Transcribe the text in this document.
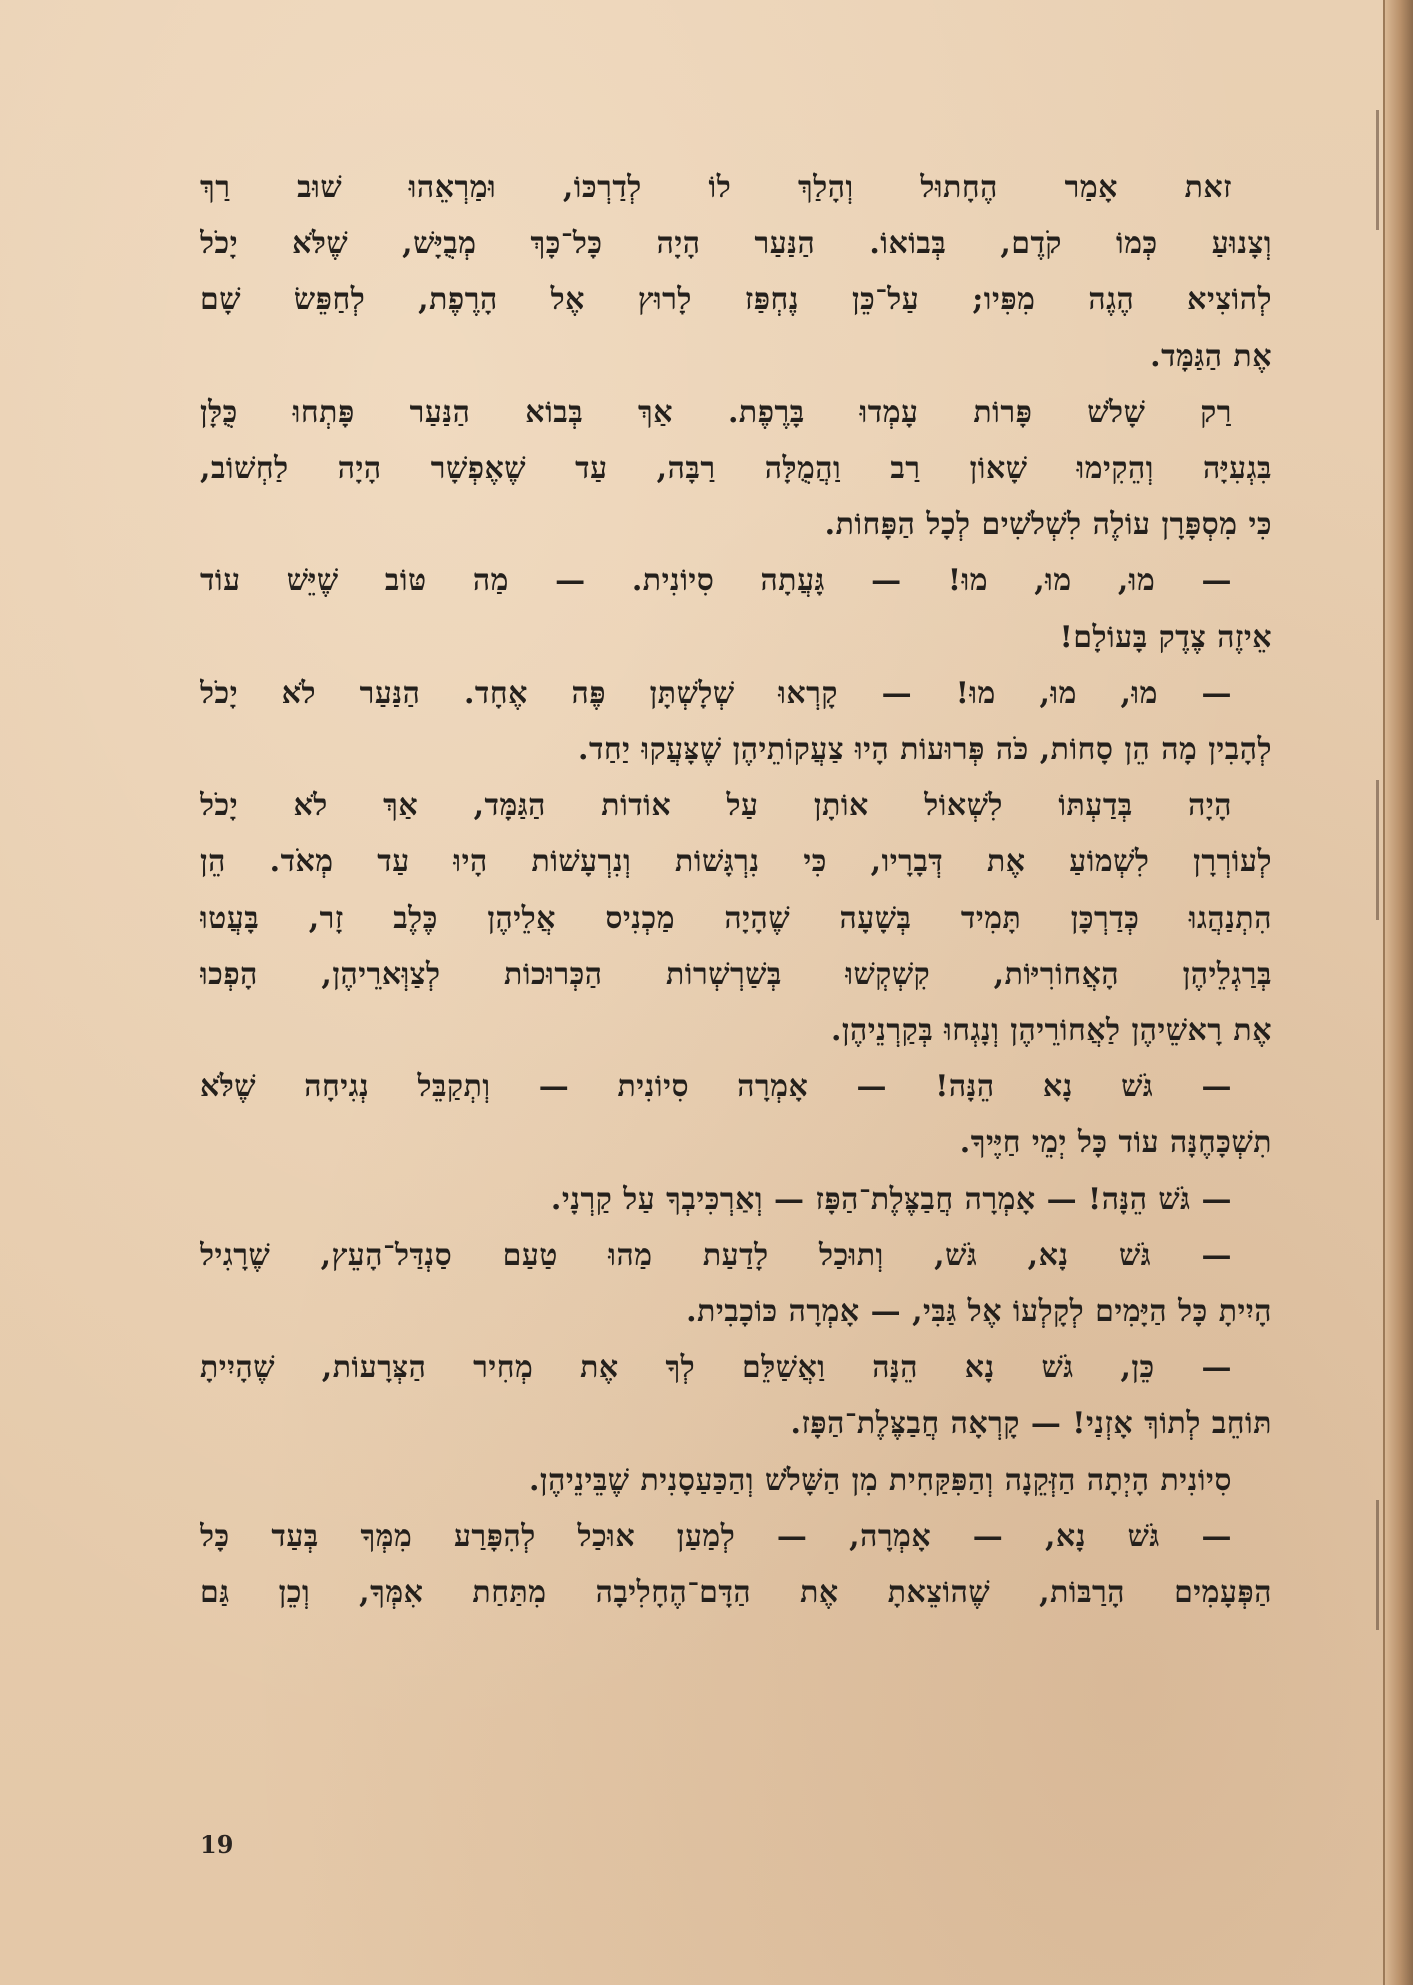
זאת אָמַר הֶחָתוּל וְהָלַךְ לוֹ לְדַרְכּוֹ, וּמַרְאֵהוּ שׁוּב רַךְ
וְצָנוּעַ כְּמוֹ קֹדֶם, בְּבוֹאוֹ. הַנַּעַר הָיָה כָּל־כָּךְ מְבֻיָּשׁ, שֶׁלֹּא יָכֹל
לְהוֹצִיא הֶגֶה מִפִּיו; עַל־כֵּן נֶחְפַּז לָרוּץ אֶל הָרֶפֶת, לְחַפֵּשׂ שָׁם
אֶת הַגַּמָּד.
רַק שָׁלֹשׁ פָּרוֹת עָמְדוּ בָּרֶפֶת. אַךְ בְּבוֹא הַנַּעַר פָּתְחוּ כֻּלָּן
בִּגְעִיָּה וְהֵקִימוּ שָׁאוֹן רַב וַהֲמֻלָּה רַבָּה, עַד שֶׁאֶפְשָׁר הָיָה לַחְשׁוֹב,
כִּי מִסְפָּרָן עוֹלֶה לִשְׁלֹשִׁים לְכָל הַפָּחוֹת.
— מוּ, מוּ, מוּ! — גָּעֲתָה סִיוֹנִית. — מַה טּוֹב שֶׁיֵּשׁ עוֹד
אֵיזֶה צֶדֶק בָּעוֹלָם!
— מוּ, מוּ, מוּ! — קָרְאוּ שְׁלָשְׁתָּן פֶּה אֶחָד. הַנַּעַר לֹא יָכֹל
לְהָבִין מָה הֵן סָחוֹת, כֹּה פְּרוּעוֹת הָיוּ צַעֲקוֹתֵיהֶן שֶׁצָּעֲקוּ יַחַד.
הָיָה בְּדַעְתּוֹ לִשְׁאוֹל אוֹתָן עַל אוֹדוֹת הַגַּמָּד, אַךְ לֹא יָכֹל
לְעוֹרְרָן לִשְׁמוֹעַ אֶת דְּבָרָיו, כִּי נִרְגָּשׁוֹת וְנִרְעָשׁוֹת הָיוּ עַד מְאֹד. הֵן
הִתְנַהֲגוּ כְּדַרְכָּן תָּמִיד בְּשָׁעָה שֶׁהָיָה מַכְנִיס אֲלֵיהֶן כֶּלֶב זָר, בָּעֲטוּ
בְּרַגְלֵיהֶן הָאֲחוֹרִיּוֹת, קִשְׁקְשׁוּ בְּשַׁרְשְׁרוֹת הַכְּרוּכוֹת לְצַוְּארֵיהֶן, הָפְכוּ
אֶת רָאשֵׁיהֶן לַאֲחוֹרֵיהֶן וְנָגְחוּ בְּקַרְנֵיהֶן.
— גֹּשׁ נָא הֵנָּה! — אָמְרָה סִיוֹנִית — וְתְקַבֵּל נְגִיחָה שֶׁלֹּא
תִשְׁכָּחֶנָּה עוֹד כָּל יְמֵי חַיֶּיךָ.
— גֹּשׁ הֵנָּה! — אָמְרָה חֲבַצֶּלֶת־הַפָּז — וְאַרְכִּיבְךָ עַל קַרְנָי.
— גֹּשׁ נָא, גֹּשׁ, וְתוּכַל לָדַעַת מַהוּ טַעַם סַנְדַּל־הָעֵץ, שֶׁרָגִיל
הָיִיתָ כָּל הַיָּמִים לְקָלְעוֹ אֶל גַּבִּי, — אָמְרָה כּוֹכָבִית.
— כֵּן, גֹּשׁ נָא הֵנָּה וַאֲשַׁלֵּם לְךָ אֶת מְחִיר הַצְּרָעוֹת, שֶׁהָיִיתָ
תּוֹחֵב לְתוֹךְ אָזְנַי! — קָרְאָה חֲבַצֶּלֶת־הַפָּז.
סִיוֹנִית הָיְתָה הַזְּקֵנָה וְהַפִּקַּחִית מִן הַשָּׁלֹשׁ וְהַכַּעַסָנִית שֶׁבֵּינֵיהֶן.
— גֹּשׁ נָא, — אָמְרָה, — לְמַעַן אוּכַל לְהִפָּרַע מִמְּךָ בְּעַד כָּל
הַפְּעָמִים הָרַבּוֹת, שֶׁהוֹצֵאתָ אֶת הַדָּם־הֶחָלִיבָה מִתַּחַת אִמְּךָ, וְכֵן גַּם
19
